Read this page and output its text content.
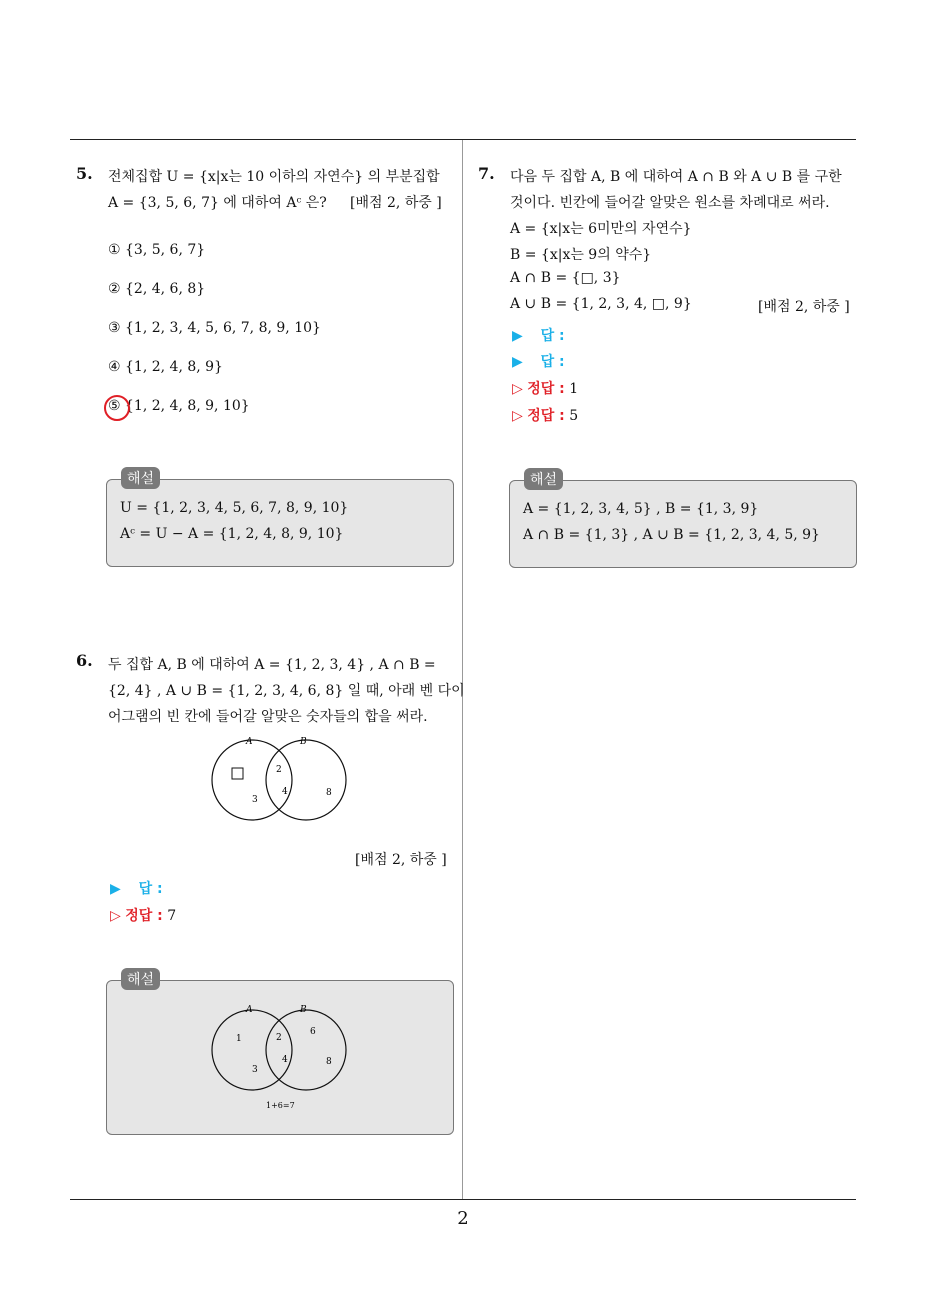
5. 전체집합 U = {x|x는 10 이하의 자연수} 의 부분집합
A = {3, 5, 6, 7} 에 대하여 Aᶜ 은? [배점 2, 하중 ]
① {3, 5, 6, 7}
② {2, 4, 6, 8}
③ {1, 2, 3, 4, 5, 6, 7, 8, 9, 10}
④ {1, 2, 4, 8, 9}
⑤ {1, 2, 4, 8, 9, 10}
해설
U = {1, 2, 3, 4, 5, 6, 7, 8, 9, 10}
Aᶜ = U − A = {1, 2, 4, 8, 9, 10}
6. 두 집합 A, B 에 대하여 A = {1, 2, 3, 4} , A ∩ B =
{2, 4} , A ∪ B = {1, 2, 3, 4, 6, 8} 일 때, 아래 벤 다이
어그램의 빈 칸에 들어갈 알맞은 숫자들의 합을 써라.
A	B
2
4
3
8
[배점 2, 하중 ]
▶ 답 :
▷ 정답 : 7
해설
A	B
1	2
4
3
6
8
1+6=7
7. 다음 두 집합 A, B 에 대하여 A ∩ B 와 A ∪ B 를 구한
것이다. 빈칸에 들어갈 알맞은 원소를 차례대로 써라.
A = {x|x는 6미만의 자연수}
B = {x|x는 9의 약수}
A ∩ B = {□, 3}
A ∪ B = {1, 2, 3, 4, □, 9}	[배점 2, 하중 ]
▶ 답 :
▶ 답 :
▷ 정답 : 1
▷ 정답 : 5
해설
A = {1, 2, 3, 4, 5} , B = {1, 3, 9}
A ∩ B = {1, 3} , A ∪ B = {1, 2, 3, 4, 5, 9}
2
